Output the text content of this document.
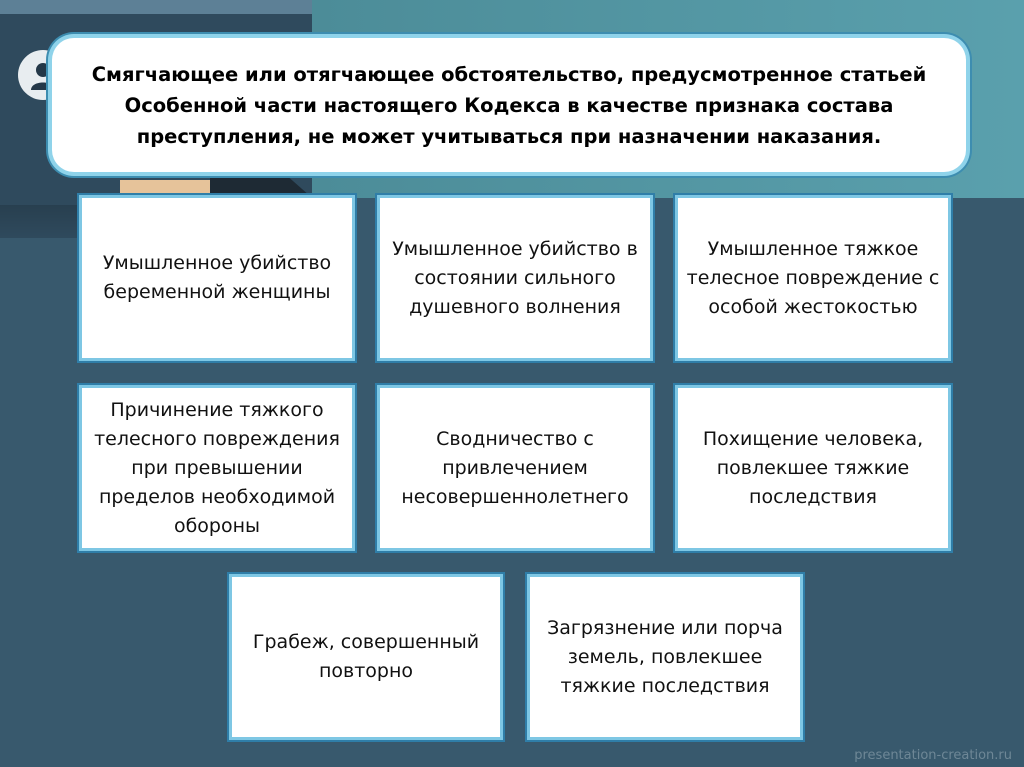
Смягчающее или отягчающее обстоятельство, предусмотренное статьей Особенной части настоящего Кодекса в качестве признака состава преступления, не может учитываться при назначении наказания.

Умышленное убийство беременной женщины
Умышленное убийство в состоянии сильного душевного волнения
Умышленное тяжкое телесное повреждение с особой жестокостью
Причинение тяжкого телесного повреждения при превышении пределов необходимой обороны
Сводничество с привлечением несовершеннолетнего
Похищение человека, повлекшее тяжкие последствия
Грабеж, совершенный повторно
Загрязнение или порча земель, повлекшее тяжкие последствия
presentation-creation.ru
